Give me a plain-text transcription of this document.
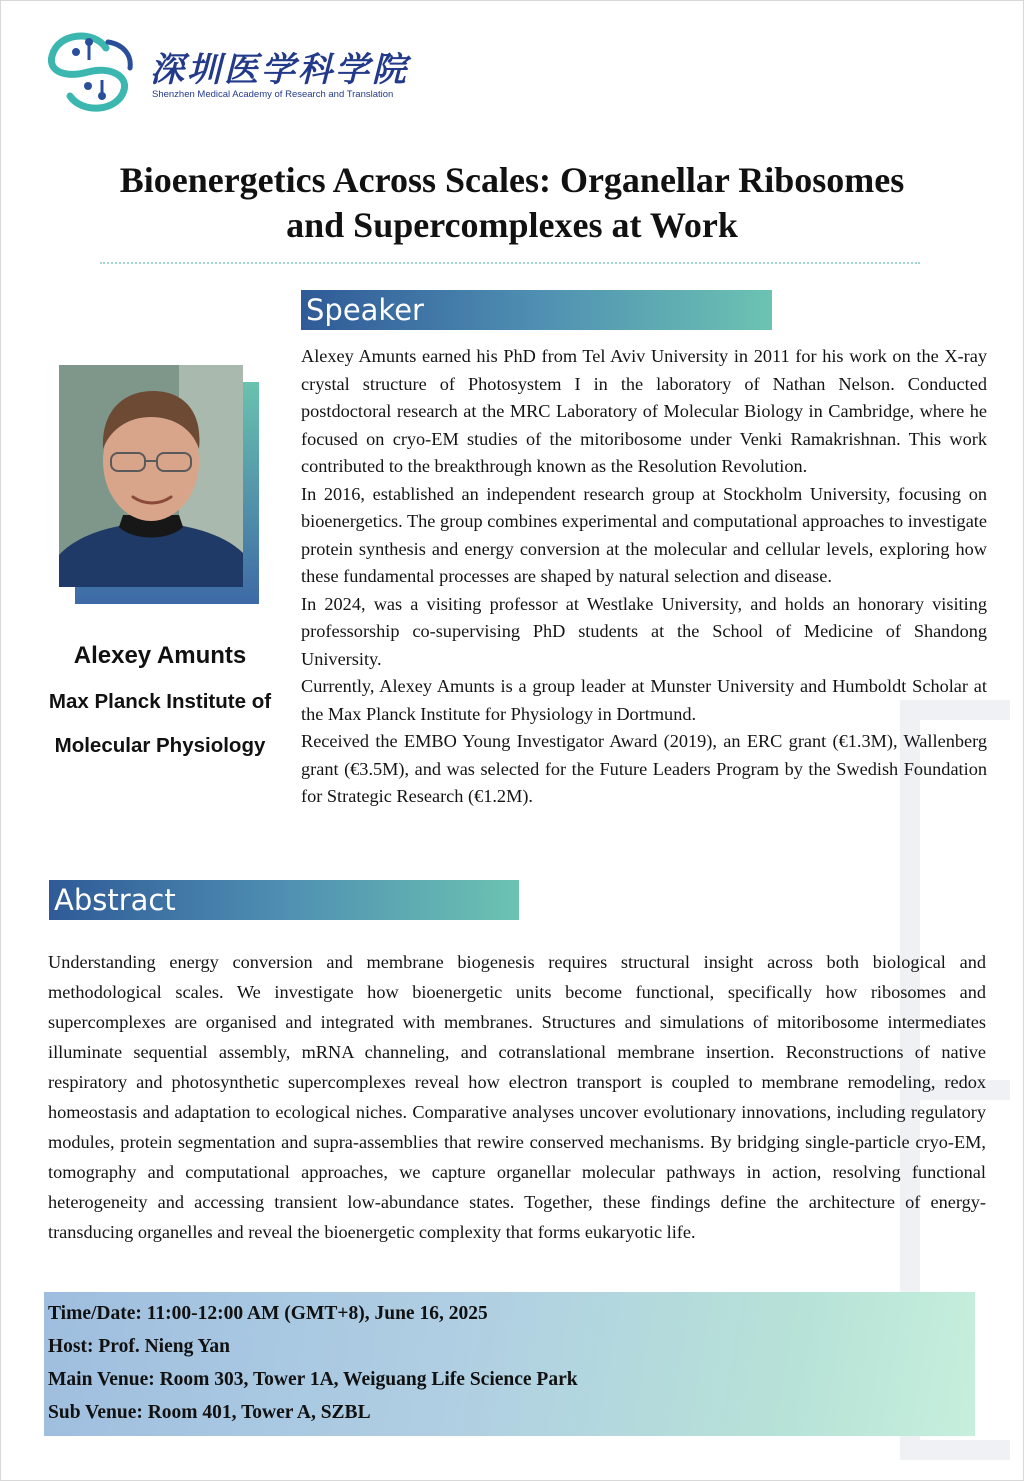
深圳医学科学院
Shenzhen Medical Academy of Research and Translation
Bioenergetics Across Scales: Organellar Ribosomes
and Supercomplexes at Work
Speaker
Alexey Amunts
Max Planck Institute of
Molecular Physiology

Alexey Amunts earned his PhD from Tel Aviv University in 2011 for his work on the X-ray crystal structure of Photosystem I in the laboratory of Nathan Nelson. Conducted postdoctoral research at the MRC Laboratory of Molecular Biology in Cambridge, where he focused on cryo-EM studies of the mitoribosome under Venki Ramakrishnan. This work contributed to the breakthrough known as the Resolution Revolution.

In 2016, established an independent research group at Stockholm University, focusing on bioenergetics. The group combines experimental and computational approaches to investigate protein synthesis and energy conversion at the molecular and cellular levels, exploring how these fundamental processes are shaped by natural selection and disease.

In 2024, was a visiting professor at Westlake University, and holds an honorary visiting professorship co-supervising PhD students at the School of Medicine of Shandong University.

Currently, Alexey Amunts is a group leader at Munster University and Humboldt Scholar at the Max Planck Institute for Physiology in Dortmund.

Received the EMBO Young Investigator Award (2019), an ERC grant (€1.3M), Wallenberg grant (€3.5M), and was selected for the Future Leaders Program by the Swedish Foundation for Strategic Research (€1.2M).

Abstract

Understanding energy conversion and membrane biogenesis requires structural insight across both biological and methodological scales. We investigate how bioenergetic units become functional, specifically how ribosomes and supercomplexes are organised and integrated with membranes. Structures and simulations of mitoribosome intermediates illuminate sequential assembly, mRNA channeling, and cotranslational membrane insertion. Reconstructions of native respiratory and photosynthetic supercomplexes reveal how electron transport is coupled to membrane remodeling, redox homeostasis and adaptation to ecological niches. Comparative analyses uncover evolutionary innovations, including regulatory modules, protein segmentation and supra-assemblies that rewire conserved mechanisms. By bridging single-particle cryo-EM, tomography and computational approaches, we capture organellar molecular pathways in action, resolving functional heterogeneity and accessing transient low-abundance states. Together, these findings define the architecture of energy-transducing organelles and reveal the bioenergetic complexity that forms eukaryotic life.

Time/Date: 11:00-12:00 AM (GMT+8), June 16, 2025
Host: Prof. Nieng Yan
Main Venue: Room 303, Tower 1A, Weiguang Life Science Park
Sub Venue: Room 401, Tower A, SZBL
